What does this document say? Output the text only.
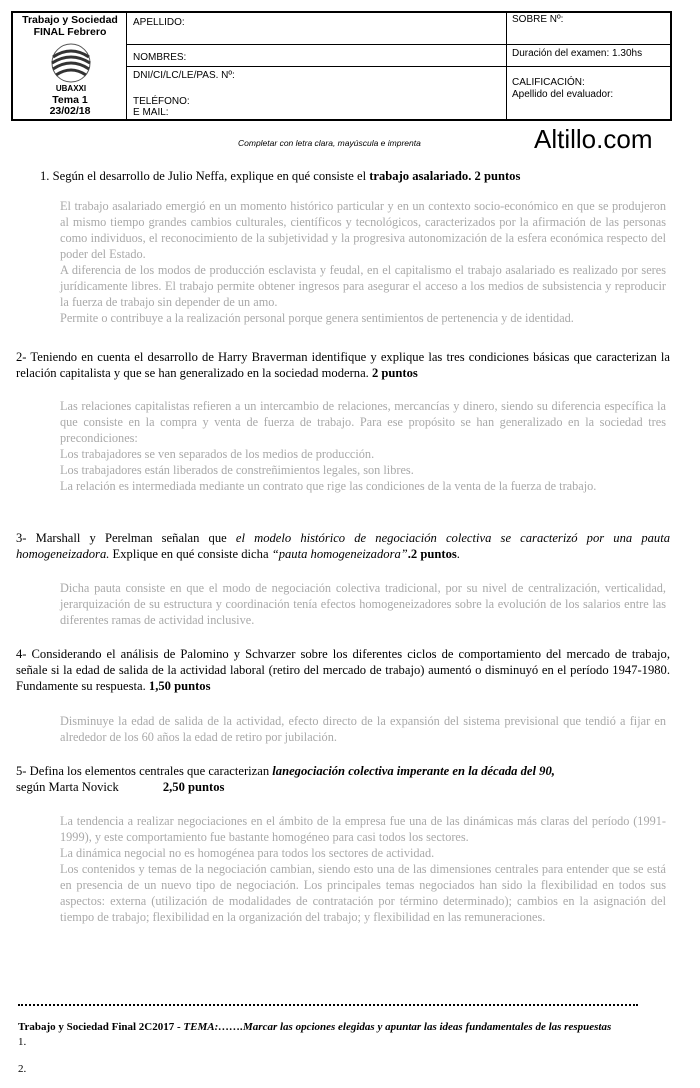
Trabajo y Sociedad
FINAL Febrero
UBAXXI
Tema 1
23/02/18
APELLIDO:
NOMBRES:
DNI/CI/LC/LE/PAS. Nº:
TELÉFONO:
E MAIL:
SOBRE Nº:
Duración del examen: 1.30hs
CALIFICACIÓN:
Apellido del evaluador:
Completar con letra clara, mayúscula e imprenta	Altillo.com
1. Según el desarrollo de Julio Neffa, explique en qué consiste el trabajo asalariado. 2 puntos

El trabajo asalariado emergió en un momento histórico particular y en un contexto socio-económico en que se produjeron al mismo tiempo grandes cambios culturales, científicos y tecnológicos, caracterizados por la afirmación de las personas como individuos, el reconocimiento de la subjetividad y la progresiva autonomización de la esfera económica respecto del poder del Estado.

A diferencia de los modos de producción esclavista y feudal, en el capitalismo el trabajo asalariado es realizado por seres jurídicamente libres. El trabajo permite obtener ingresos para asegurar el acceso a los medios de subsistencia y reproducir la fuerza de trabajo sin depender de un amo.

Permite o contribuye a la realización personal porque genera sentimientos de pertenencia y de identidad.

2- Teniendo en cuenta el desarrollo de Harry Braverman identifique y explique las tres condiciones básicas que caracterizan la relación capitalista y que se han generalizado en la sociedad moderna. 2 puntos

Las relaciones capitalistas refieren a un intercambio de relaciones, mercancías y dinero, siendo su diferencia específica la que consiste en la compra y venta de fuerza de trabajo. Para ese propósito se han generalizado en la sociedad tres precondiciones:

Los trabajadores se ven separados de los medios de producción.

Los trabajadores están liberados de constreñimientos legales, son libres.

La relación es intermediada mediante un contrato que rige las condiciones de la venta de la fuerza de trabajo.

3- Marshall y Perelman señalan que el modelo histórico de negociación colectiva se caracterizó por una pauta homogeneizadora. Explique en qué consiste dicha “pauta homogeneizadora”.2 puntos.

Dicha pauta consiste en que el modo de negociación colectiva tradicional, por su nivel de centralización, verticalidad, jerarquización de su estructura y coordinación tenía efectos homogeneizadores sobre la evolución de los salarios entre las diferentes ramas de actividad inclusive.

4- Considerando el análisis de Palomino y Schvarzer sobre los diferentes ciclos de comportamiento del mercado de trabajo, señale si la edad de salida de la actividad laboral (retiro del mercado de trabajo) aumentó o disminuyó en el período 1947-1980. Fundamente su respuesta. 1,50 puntos

Disminuye la edad de salida de la actividad, efecto directo de la expansión del sistema previsional que tendió a fijar en alrededor de los 60 años la edad de retiro por jubilación.

5- Defina los elementos centrales que caracterizan lanegociación colectiva imperante en la década del 90,
según Marta Novick	2,50 puntos

La tendencia a realizar negociaciones en el ámbito de la empresa fue una de las dinámicas más claras del período (1991-1999), y este comportamiento fue bastante homogéneo para casi todos los sectores.

La dinámica negocial no es homogénea para todos los sectores de actividad.

Los contenidos y temas de la negociación cambian, siendo esto una de las dimensiones centrales para entender que se está en presencia de un nuevo tipo de negociación. Los principales temas negociados han sido la flexibilidad en todos sus aspectos: externa (utilización de modalidades de contratación por término determinado); cambios en la asignación del tiempo de trabajo; flexibilidad en la organización del trabajo; y flexibilidad en las remuneraciones.

Trabajo y Sociedad Final 2C2017 - TEMA:…….Marcar las opciones elegidas y apuntar las ideas fundamentales de las respuestas
1.
2.
